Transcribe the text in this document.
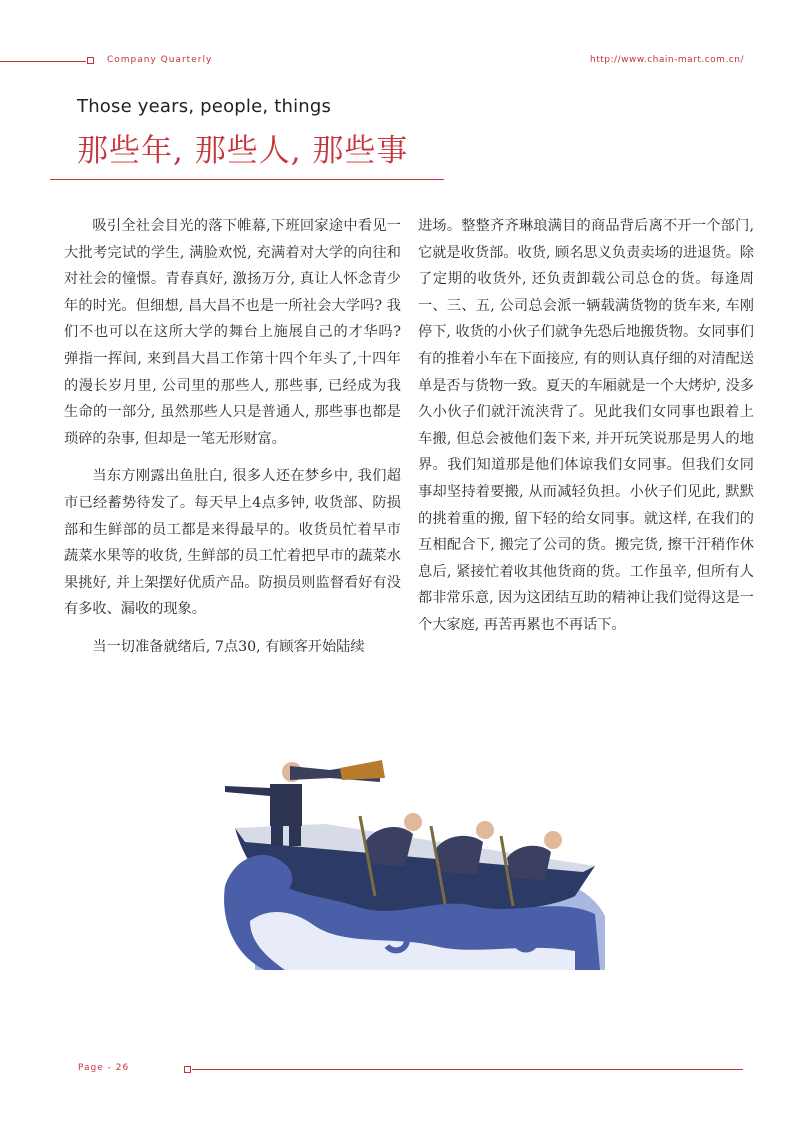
Company Quarterly	http://www.chain-mart.com.cn/
Those years, people, things
那些年, 那些人, 那些事

吸引全社会目光的落下帷幕,下班回家途中看见一大批考完试的学生, 满脸欢悦, 充满着对大学的向往和对社会的憧憬。青春真好, 激扬万分, 真让人怀念青少年的时光。但细想, 昌大昌不也是一所社会大学吗? 我们不也可以在这所大学的舞台上施展自己的才华吗? 弹指一挥间, 来到昌大昌工作第十四个年头了,十四年的漫长岁月里, 公司里的那些人, 那些事, 已经成为我生命的一部分, 虽然那些人只是普通人, 那些事也都是琐碎的杂事, 但却是一笔无形财富。

当东方刚露出鱼肚白, 很多人还在梦乡中, 我们超市已经蓄势待发了。每天早上4点多钟, 收货部、防损部和生鲜部的员工都是来得最早的。收货员忙着早市蔬菜水果等的收货, 生鲜部的员工忙着把早市的蔬菜水果挑好, 并上架摆好优质产品。防损员则监督看好有没有多收、漏收的现象。

当一切准备就绪后, 7点30, 有顾客开始陆续

进场。整整齐齐琳琅满目的商品背后离不开一个部门, 它就是收货部。收货, 顾名思义负责卖场的进退货。除了定期的收货外, 还负责卸载公司总仓的货。每逢周一、三、五, 公司总会派一辆载满货物的货车来, 车刚停下, 收货的小伙子们就争先恐后地搬货物。女同事们有的推着小车在下面接应, 有的则认真仔细的对清配送单是否与货物一致。夏天的车厢就是一个大烤炉, 没多久小伙子们就汗流浃背了。见此我们女同事也跟着上车搬, 但总会被他们轰下来, 并开玩笑说那是男人的地界。我们知道那是他们体谅我们女同事。但我们女同事却坚持着要搬, 从而减轻负担。小伙子们见此, 默默的挑着重的搬, 留下轻的给女同事。就这样, 在我们的互相配合下, 搬完了公司的货。搬完货, 擦干汗稍作休息后, 紧接忙着收其他货商的货。工作虽辛, 但所有人都非常乐意, 因为这团结互助的精神让我们觉得这是一个大家庭, 再苦再累也不再话下。

Page - 26
